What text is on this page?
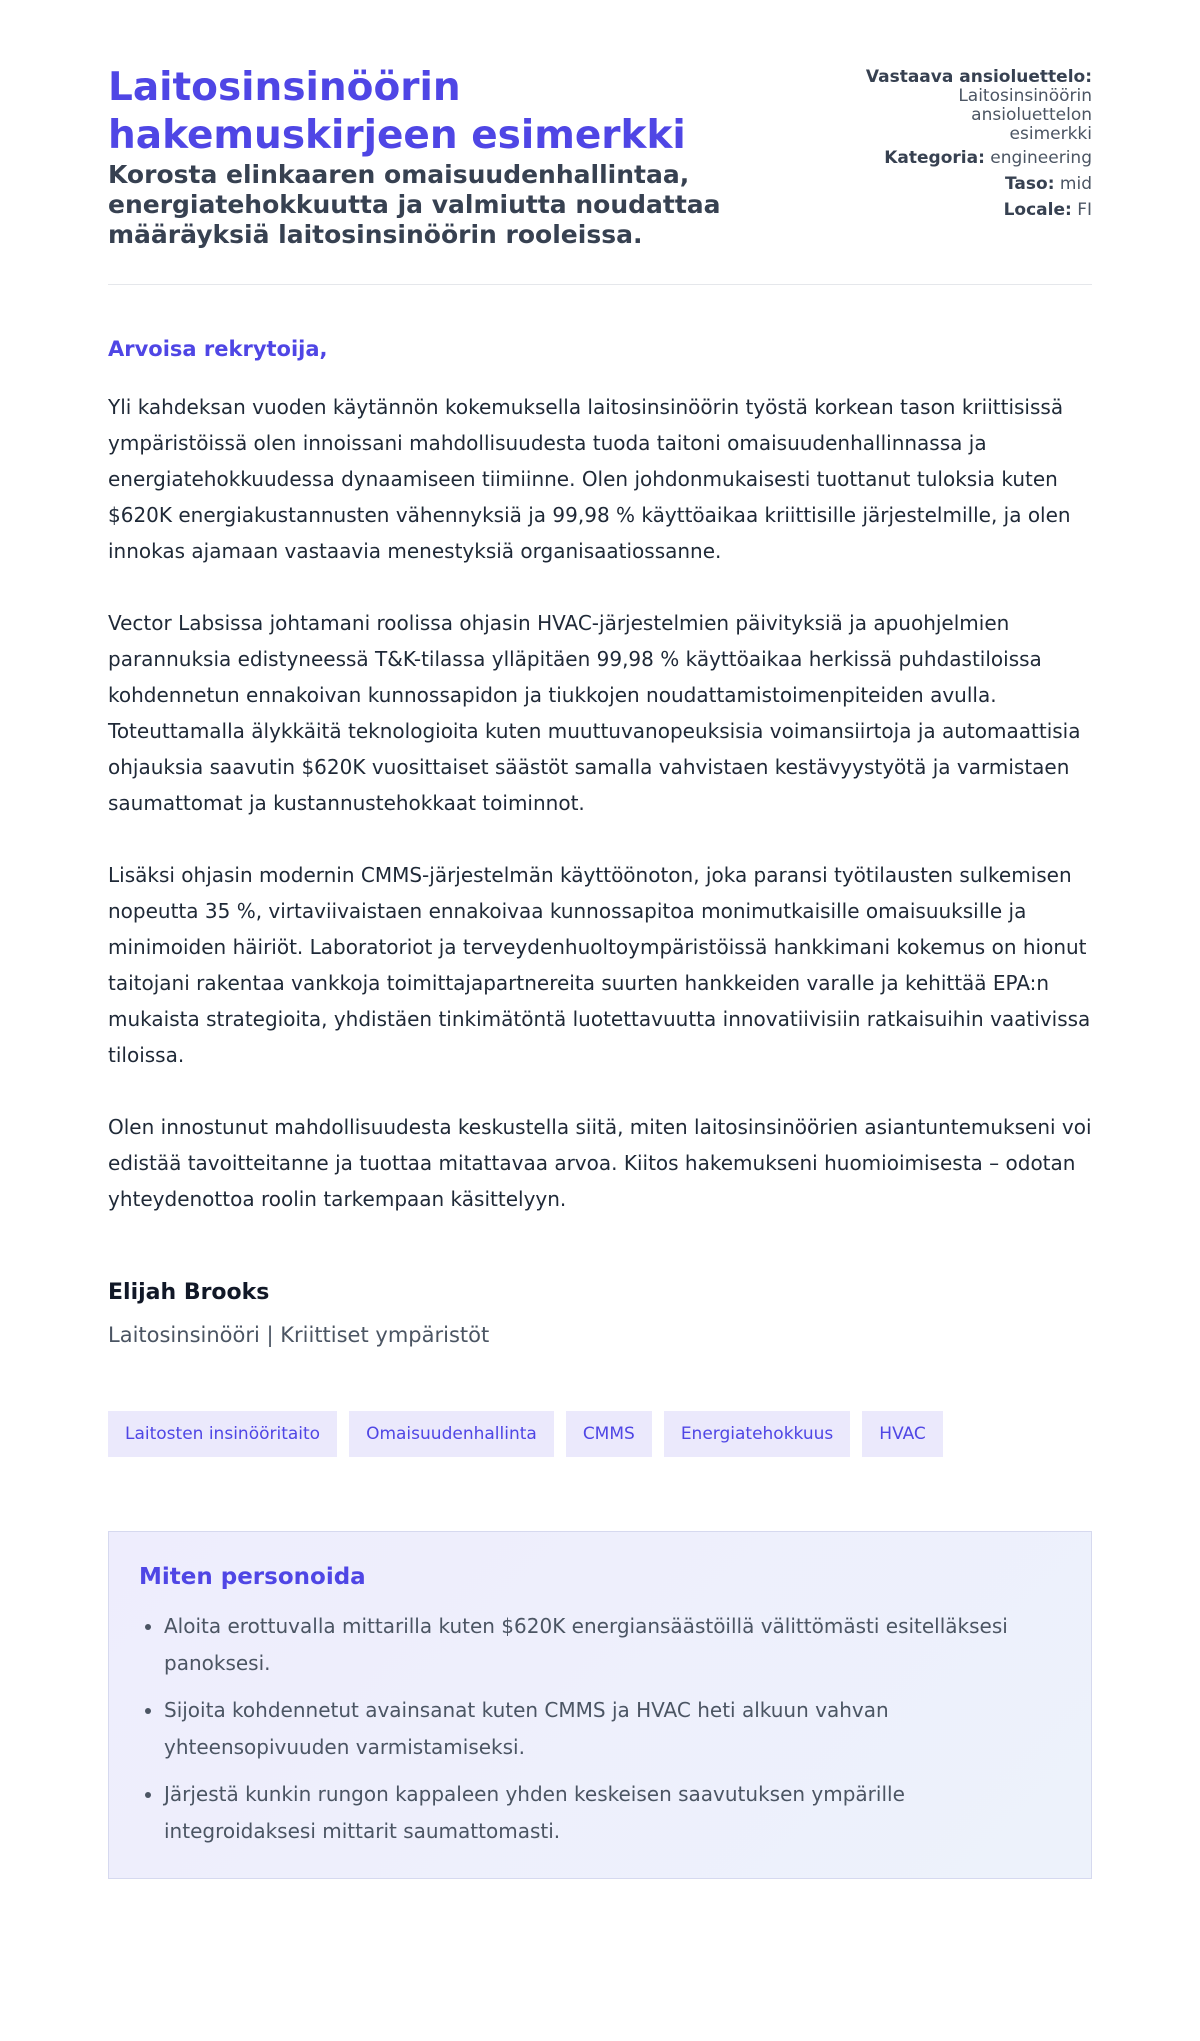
Laitosinsinöörin hakemuskirjeen esimerkki

Korosta elinkaaren omaisuudenhallintaa, energiatehokkuutta ja valmiutta noudattaa määräyksiä laitosinsinöörin rooleissa.

Vastaava ansioluettelo:
Laitosinsinöörin ansioluettelon esimerkki
Kategoria: engineering
Taso: mid
Locale: FI

Arvoisa rekrytoija,

Yli kahdeksan vuoden käytännön kokemuksella laitosinsinöörin työstä korkean tason kriittisissä ympäristöissä olen innoissani mahdollisuudesta tuoda taitoni omaisuudenhallinnassa ja energiatehokkuudessa dynaamiseen tiimiinne. Olen johdonmukaisesti tuottanut tuloksia kuten $620K energiakustannusten vähennyksiä ja 99,98 % käyttöaikaa kriittisille järjestelmille, ja olen innokas ajamaan vastaavia menestyksiä organisaatiossanne.

Vector Labsissa johtamani roolissa ohjasin HVAC-järjestelmien päivityksiä ja apuohjelmien parannuksia edistyneessä T&K-tilassa ylläpitäen 99,98 % käyttöaikaa herkissä puhdastiloissa kohdennetun ennakoivan kunnossapidon ja tiukkojen noudattamistoimenpiteiden avulla. Toteuttamalla älykkäitä teknologioita kuten muuttuvanopeuksisia voimansiirtoja ja automaattisia ohjauksia saavutin $620K vuosittaiset säästöt samalla vahvistaen kestävyystyötä ja varmistaen saumattomat ja kustannustehokkaat toiminnot.

Lisäksi ohjasin modernin CMMS-järjestelmän käyttöönoton, joka paransi työtilausten sulkemisen nopeutta 35 %, virtaviivaistaen ennakoivaa kunnossapitoa monimutkaisille omaisuuksille ja minimoiden häiriöt. Laboratoriot ja terveydenhuoltoympäristöissä hankkimani kokemus on hionut taitojani rakentaa vankkoja toimittajapartnereita suurten hankkeiden varalle ja kehittää EPA:n mukaista strategioita, yhdistäen tinkimätöntä luotettavuutta innovatiivisiin ratkaisuihin vaativissa tiloissa.

Olen innostunut mahdollisuudesta keskustella siitä, miten laitosinsinöörien asiantuntemukseni voi edistää tavoitteitanne ja tuottaa mitattavaa arvoa. Kiitos hakemukseni huomioimisesta – odotan yhteydenottoa roolin tarkempaan käsittelyyn.

Elijah Brooks

Laitosinsinööri | Kriittiset ympäristöt

Laitosten insinööritaito	Omaisuudenhallinta	CMMS	Energiatehokkuus	HVAC
Miten personoida
• Aloita erottuvalla mittarilla kuten $620K energiansäästöillä välittömästi esitelläksesi panoksesi.
• Sijoita kohdennetut avainsanat kuten CMMS ja HVAC heti alkuun vahvan yhteensopivuuden varmistamiseksi.
• Järjestä kunkin rungon kappaleen yhden keskeisen saavutuksen ympärille integroidaksesi mittarit saumattomasti.
